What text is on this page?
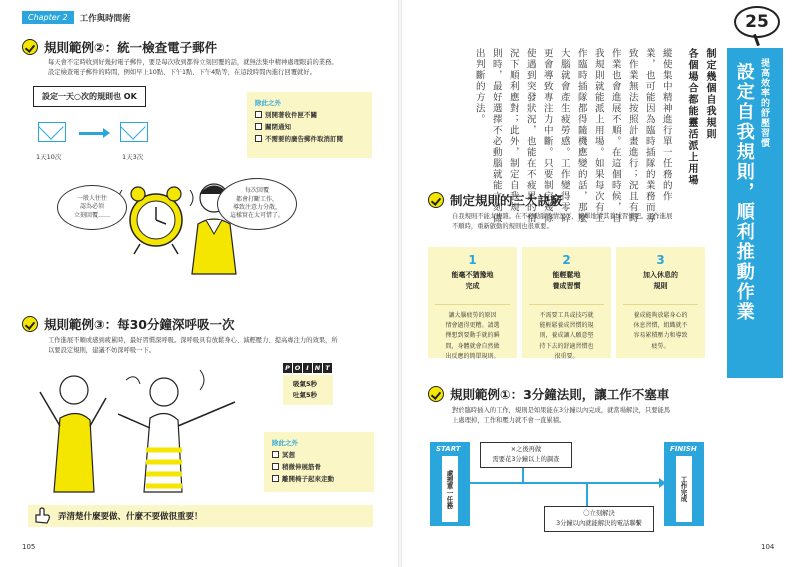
Chapter 2	工作與時間術
規則範例②：統一檢查電子郵件
每天會不定時收到好幾封電子郵件，要是每次收到都得立刻回覆的話，就無法集中精神處理眼前的業務。
設定檢查電子郵件的時間，例如早上10點、下午1點、下午4點等，在這段時間內進行回覆就好。
設定一天○次的規則也 OK
1天10次	1天3次
除此之外
別開著收件匣不關
關閉通知
不需要的廣告郵件取消訂閱
一般人往往
認為必須
立刻回覆……
每次回覆
都會打斷工作，
導致注意力分散，
這樣實在太可惜了。
規則範例③：每30分鐘深呼吸一次
工作進展不順或感到疲累時，最好習慣深呼吸。深呼吸具有放鬆身心、減輕壓力、提高專注力的效果，所
以要設定規則，建議不妨深呼吸一下。
P O I N T
吸氣5秒
吐氣5秒
除此之外
冥想
稍微伸展筋骨
離開椅子起來走動
弄清楚什麼要做、什麼不要做很重要！
105
25
提高效率的舒壓習慣
設定自我規則，順利推動作業
制定幾個自我規則
各個場合都能靈活派上用場
縱使集中精神進行單一任務的作
業，也可能因為臨時插隊的業務而導
致作業無法按照計畫進行；況且有時
作業也會進展不順。在這個時候，自
我規則就能派上用場。如果每次有工
作臨時插隊都得隨機應變的話，那麼
大腦就會產生疲勞感。工作變得零碎
更會導致專注力中斷。只要制定幾條
使遇到突發狀況，也能在不疲累的情
況下順利應對；此外，制定自我規
則時，最好選擇不必動腦就能立刻做
出判斷的方法。
制定規則的三大訣竅
自我規則不能太複雜。在不必動腦的情況下，簡單地將其養成習慣吧。工作進展
不順時，重新啟動的規則也很重要。
1
能毫不猶豫地
完成
讓大腦疲勞的原因
情會過得更糟。請選
擇想到要動手就的瞬
間，身體就會自然做
出反應的簡單規則。
2
能輕鬆地
養成習慣
不需要工具或技巧就
能輕鬆養成習慣的規
則，養成讓人願意堅
持下去的舒適習慣也
很重要。
3
加入休息的
規則
養成能夠放鬆身心的
休息習慣，組織就不
容易累積壓力和導致
疲勞。
規則範例①：3分鐘法則，讓工作不塞車
對於臨時插入的工作，規則是如果能在3分鐘以內完成，就當場解決，只要能馬
上處理掉，工作和壓力就不會一直累積。
START
處理單一任務
FINISH
工作完成
×之後再做
需要花3分鐘以上的調查
〇立刻解決
3分鐘以內就能解決的電話聯繫
104
